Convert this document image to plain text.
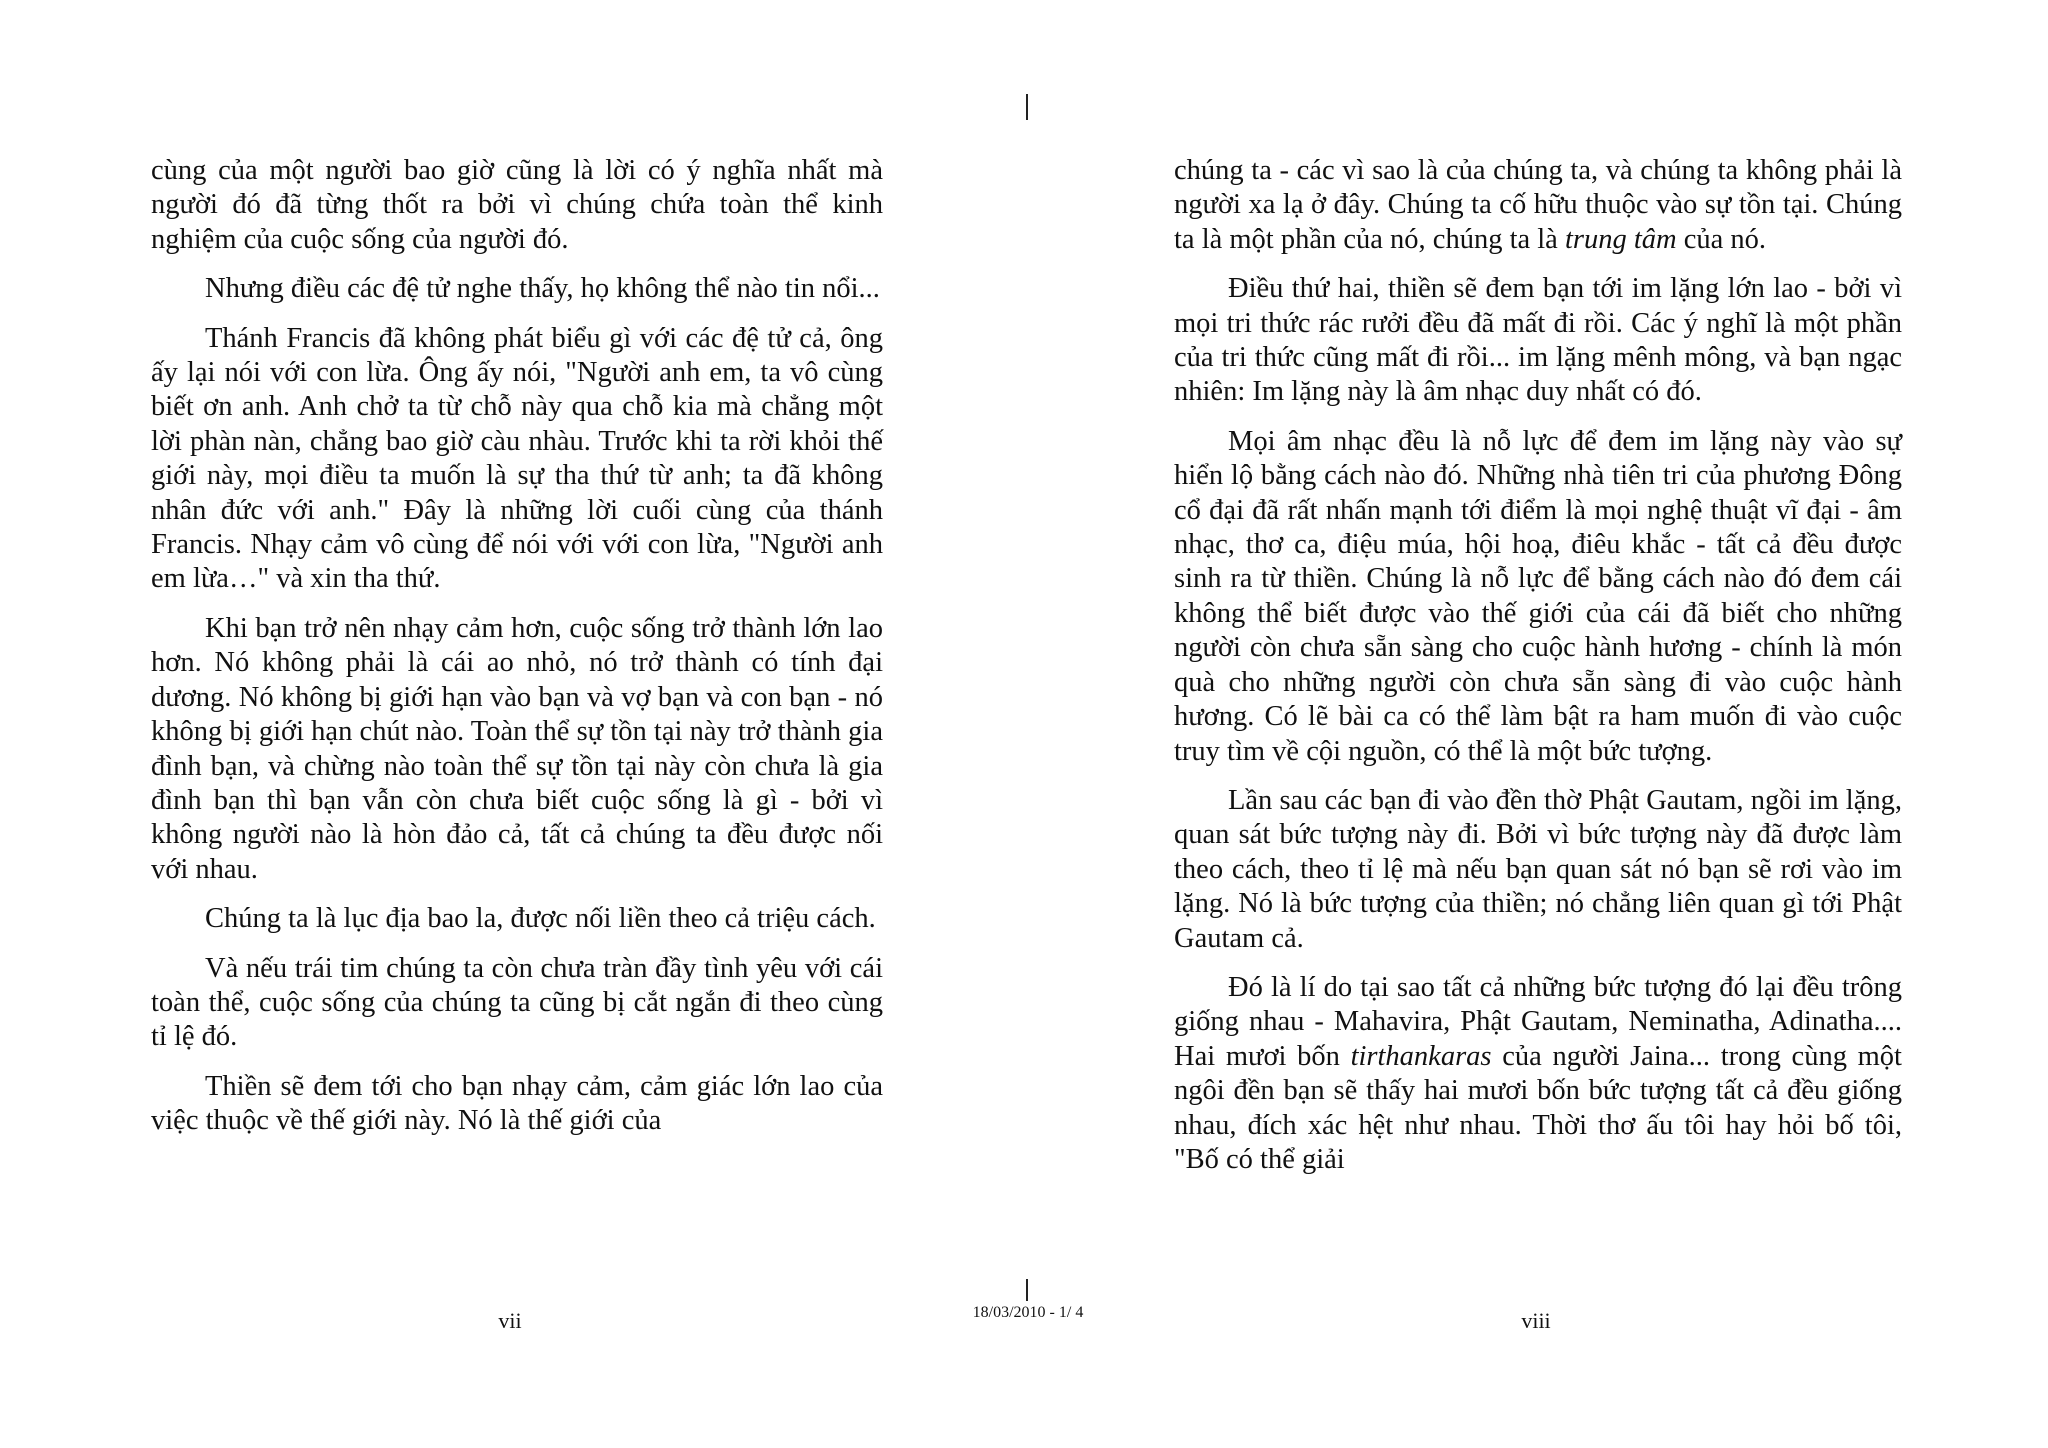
cùng của một người bao giờ cũng là lời có ý nghĩa nhất mà người đó đã từng thốt ra bởi vì chúng chứa toàn thể kinh nghiệm của cuộc sống của người đó.

Nhưng điều các đệ tử nghe thấy, họ không thể nào tin nổi...

Thánh Francis đã không phát biểu gì với các đệ tử cả, ông ấy lại nói với con lừa. Ông ấy nói, "Người anh em, ta vô cùng biết ơn anh. Anh chở ta từ chỗ này qua chỗ kia mà chẳng một lời phàn nàn, chẳng bao giờ càu nhàu. Trước khi ta rời khỏi thế giới này, mọi điều ta muốn là sự tha thứ từ anh; ta đã không nhân đức với anh." Đây là những lời cuối cùng của thánh Francis. Nhạy cảm vô cùng để nói với với con lừa, "Người anh em lừa…" và xin tha thứ.

Khi bạn trở nên nhạy cảm hơn, cuộc sống trở thành lớn lao hơn. Nó không phải là cái ao nhỏ, nó trở thành có tính đại dương. Nó không bị giới hạn vào bạn và vợ bạn và con bạn - nó không bị giới hạn chút nào. Toàn thể sự tồn tại này trở thành gia đình bạn, và chừng nào toàn thể sự tồn tại này còn chưa là gia đình bạn thì bạn vẫn còn chưa biết cuộc sống là gì - bởi vì không người nào là hòn đảo cả, tất cả chúng ta đều được nối với nhau.

Chúng ta là lục địa bao la, được nối liền theo cả triệu cách.

Và nếu trái tim chúng ta còn chưa tràn đầy tình yêu với cái toàn thể, cuộc sống của chúng ta cũng bị cắt ngắn đi theo cùng tỉ lệ đó.

Thiền sẽ đem tới cho bạn nhạy cảm, cảm giác lớn lao của việc thuộc về thế giới này. Nó là thế giới của

chúng ta - các vì sao là của chúng ta, và chúng ta không phải là người xa lạ ở đây. Chúng ta cố hữu thuộc vào sự tồn tại. Chúng ta là một phần của nó, chúng ta là trung tâm của nó.

Điều thứ hai, thiền sẽ đem bạn tới im lặng lớn lao - bởi vì mọi tri thức rác rưởi đều đã mất đi rồi. Các ý nghĩ là một phần của tri thức cũng mất đi rồi... im lặng mênh mông, và bạn ngạc nhiên: Im lặng này là âm nhạc duy nhất có đó.

Mọi âm nhạc đều là nỗ lực để đem im lặng này vào sự hiển lộ bằng cách nào đó. Những nhà tiên tri của phương Đông cổ đại đã rất nhấn mạnh tới điểm là mọi nghệ thuật vĩ đại - âm nhạc, thơ ca, điệu múa, hội hoạ, điêu khắc - tất cả đều được sinh ra từ thiền. Chúng là nỗ lực để bằng cách nào đó đem cái không thể biết được vào thế giới của cái đã biết cho những người còn chưa sẵn sàng cho cuộc hành hương - chính là món quà cho những người còn chưa sẵn sàng đi vào cuộc hành hương. Có lẽ bài ca có thể làm bật ra ham muốn đi vào cuộc truy tìm về cội nguồn, có thể là một bức tượng.

Lần sau các bạn đi vào đền thờ Phật Gautam, ngồi im lặng, quan sát bức tượng này đi. Bởi vì bức tượng này đã được làm theo cách, theo tỉ lệ mà nếu bạn quan sát nó bạn sẽ rơi vào im lặng. Nó là bức tượng của thiền; nó chẳng liên quan gì tới Phật Gautam cả.

Đó là lí do tại sao tất cả những bức tượng đó lại đều trông giống nhau - Mahavira, Phật Gautam, Neminatha, Adinatha.... Hai mươi bốn tirthankaras của người Jaina... trong cùng một ngôi đền bạn sẽ thấy hai mươi bốn bức tượng tất cả đều giống nhau, đích xác hệt như nhau. Thời thơ ấu tôi hay hỏi bố tôi, "Bố có thể giải

vii	18/03/2010 - 1/ 4	viii
